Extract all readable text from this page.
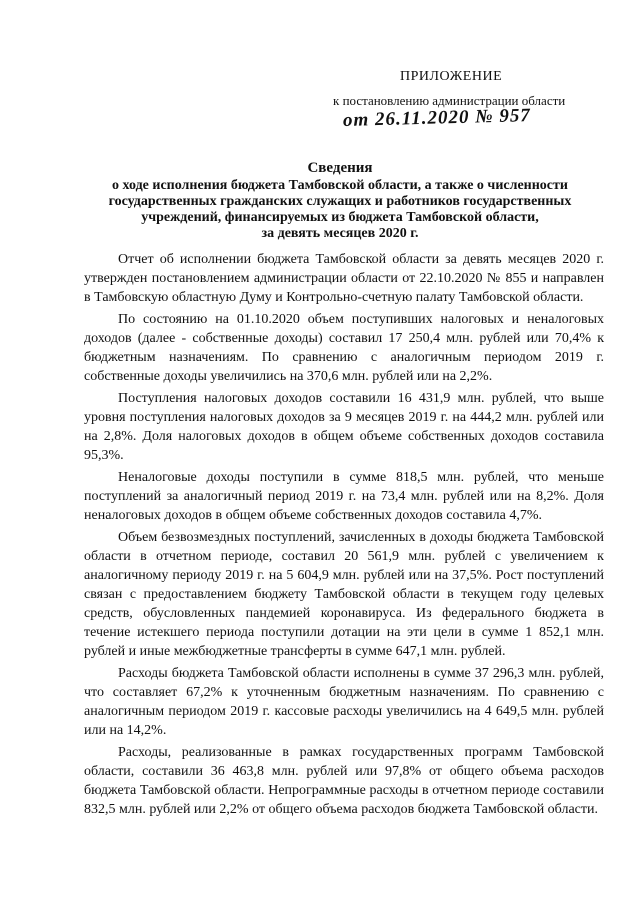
ПРИЛОЖЕНИЕ
к постановлению администрации области
от 26.11.2020 № 957
Сведения
о ходе исполнения бюджета Тамбовской области, а также о численности
государственных гражданских служащих и работников государственных
учреждений, финансируемых из бюджета Тамбовской области,
за девять месяцев 2020 г.

Отчет об исполнении бюджета Тамбовской области за девять месяцев 2020 г. утвержден постановлением администрации области от 22.10.2020 № 855 и направлен в Тамбовскую областную Думу и Контрольно-счетную палату Тамбовской области.

По состоянию на 01.10.2020 объем поступивших налоговых и неналоговых доходов (далее - собственные доходы) составил 17 250,4 млн. рублей или 70,4% к бюджетным назначениям. По сравнению с аналогичным периодом 2019 г. собственные доходы увеличились на 370,6 млн. рублей или на 2,2%.

Поступления налоговых доходов составили 16 431,9 млн. рублей, что выше уровня поступления налоговых доходов за 9 месяцев 2019 г. на 444,2 млн. рублей или на 2,8%. Доля налоговых доходов в общем объеме собственных доходов составила 95,3%.

Неналоговые доходы поступили в сумме 818,5 млн. рублей, что меньше поступлений за аналогичный период 2019 г. на 73,4 млн. рублей или на 8,2%. Доля неналоговых доходов в общем объеме собственных доходов составила 4,7%.

Объем безвозмездных поступлений, зачисленных в доходы бюджета Тамбовской области в отчетном периоде, составил 20 561,9 млн. рублей с увеличением к аналогичному периоду 2019 г. на 5 604,9 млн. рублей или на 37,5%. Рост поступлений связан с предоставлением бюджету Тамбовской области в текущем году целевых средств, обусловленных пандемией коронавируса. Из федерального бюджета в течение истекшего периода поступили дотации на эти цели в сумме 1 852,1 млн. рублей и иные межбюджетные трансферты в сумме 647,1 млн. рублей.

Расходы бюджета Тамбовской области исполнены в сумме 37 296,3 млн. рублей, что составляет 67,2% к уточненным бюджетным назначениям. По сравнению с аналогичным периодом 2019 г. кассовые расходы увеличились на 4 649,5 млн. рублей или на 14,2%.

Расходы, реализованные в рамках государственных программ Тамбовской области, составили 36 463,8 млн. рублей или 97,8% от общего объема расходов бюджета Тамбовской области. Непрограммные расходы в отчетном периоде составили 832,5 млн. рублей или 2,2% от общего объема расходов бюджета Тамбовской области.
